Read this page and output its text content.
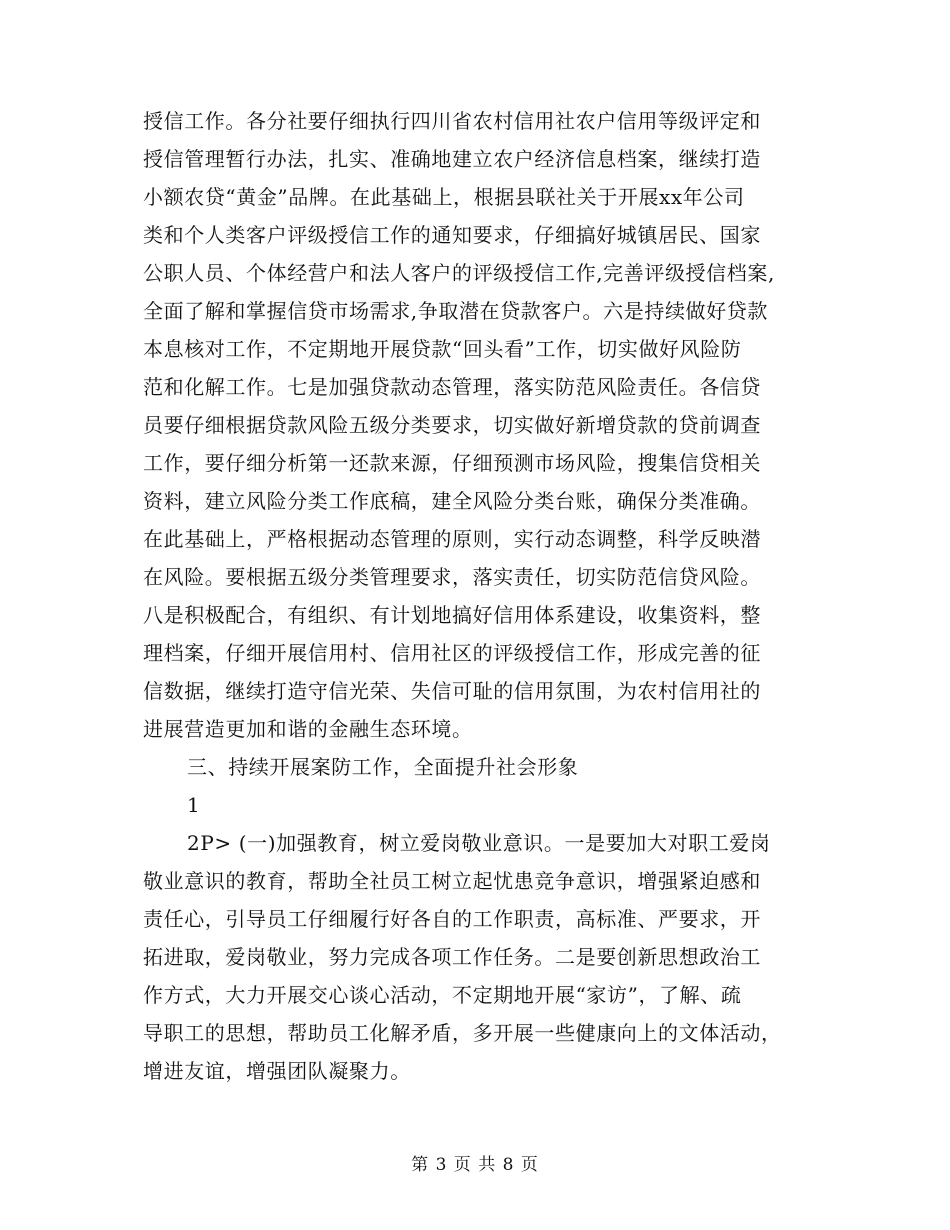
授信工作。各分社要仔细执行四川省农村信用社农户信用等级评定和
授信管理暂行办法，扎实、准确地建立农户经济信息档案，继续打造
小额农贷“黄金”品牌。在此基础上，根据县联社关于开展xx年公司
类和个人类客户评级授信工作的通知要求，仔细搞好城镇居民、国家
公职人员、个体经营户和法人客户的评级授信工作,完善评级授信档案,
全面了解和掌握信贷市场需求,争取潜在贷款客户。六是持续做好贷款
本息核对工作，不定期地开展贷款“回头看”工作，切实做好风险防
范和化解工作。七是加强贷款动态管理，落实防范风险责任。各信贷
员要仔细根据贷款风险五级分类要求，切实做好新增贷款的贷前调查
工作，要仔细分析第一还款来源，仔细预测市场风险，搜集信贷相关
资料，建立风险分类工作底稿，建全风险分类台账，确保分类准确。
在此基础上，严格根据动态管理的原则，实行动态调整，科学反映潜
在风险。要根据五级分类管理要求，落实责任，切实防范信贷风险。
八是积极配合，有组织、有计划地搞好信用体系建设，收集资料，整
理档案，仔细开展信用村、信用社区的评级授信工作，形成完善的征
信数据，继续打造守信光荣、失信可耻的信用氛围，为农村信用社的
进展营造更加和谐的金融生态环境。
三、持续开展案防工作，全面提升社会形象
1
2P> (一)加强教育，树立爱岗敬业意识。一是要加大对职工爱岗
敬业意识的教育，帮助全社员工树立起忧患竞争意识，增强紧迫感和
责任心，引导员工仔细履行好各自的工作职责，高标准、严要求，开
拓进取，爱岗敬业，努力完成各项工作任务。二是要创新思想政治工
作方式，大力开展交心谈心活动，不定期地开展“家访”，了解、疏
导职工的思想，帮助员工化解矛盾，多开展一些健康向上的文体活动，
增进友谊，增强团队凝聚力。
第 3 页 共 8 页
